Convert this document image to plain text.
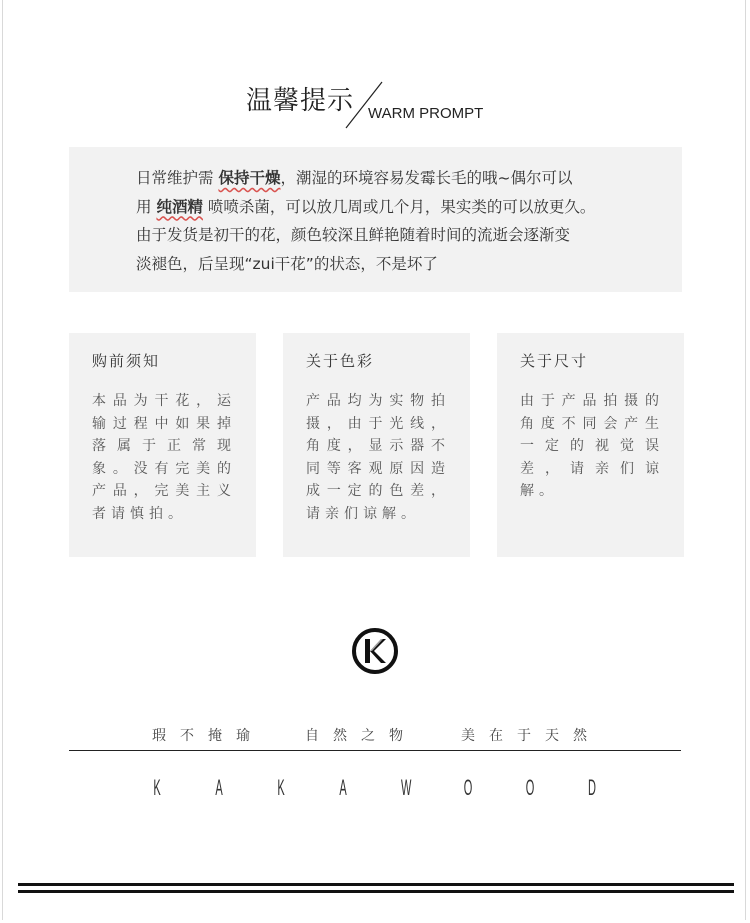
温馨提示 WARM PROMPT
日常维护需 保持干燥，潮湿的环境容易发霉长毛的哦~偶尔可以
用 纯酒精 喷喷杀菌，可以放几周或几个月，果实类的可以放更久。
由于发货是初干的花，颜色较深且鲜艳随着时间的流逝会逐渐变
淡褪色，后呈现“zui干花”的状态，不是坏了
购前须知
本品为干花，运输过程中如果掉落属于正常现象。没有完美的产品，完美主义者请慎拍。
关于色彩
产品均为实物拍摄，由于光线，角度，显示器不同等客观原因造成一定的色差，请亲们谅解。
关于尺寸
由于产品拍摄的角度不同会产生一定的视觉误差，请亲们谅解。
瑕不掩瑜	自然之物	美在于天然
K A K A W O O D
